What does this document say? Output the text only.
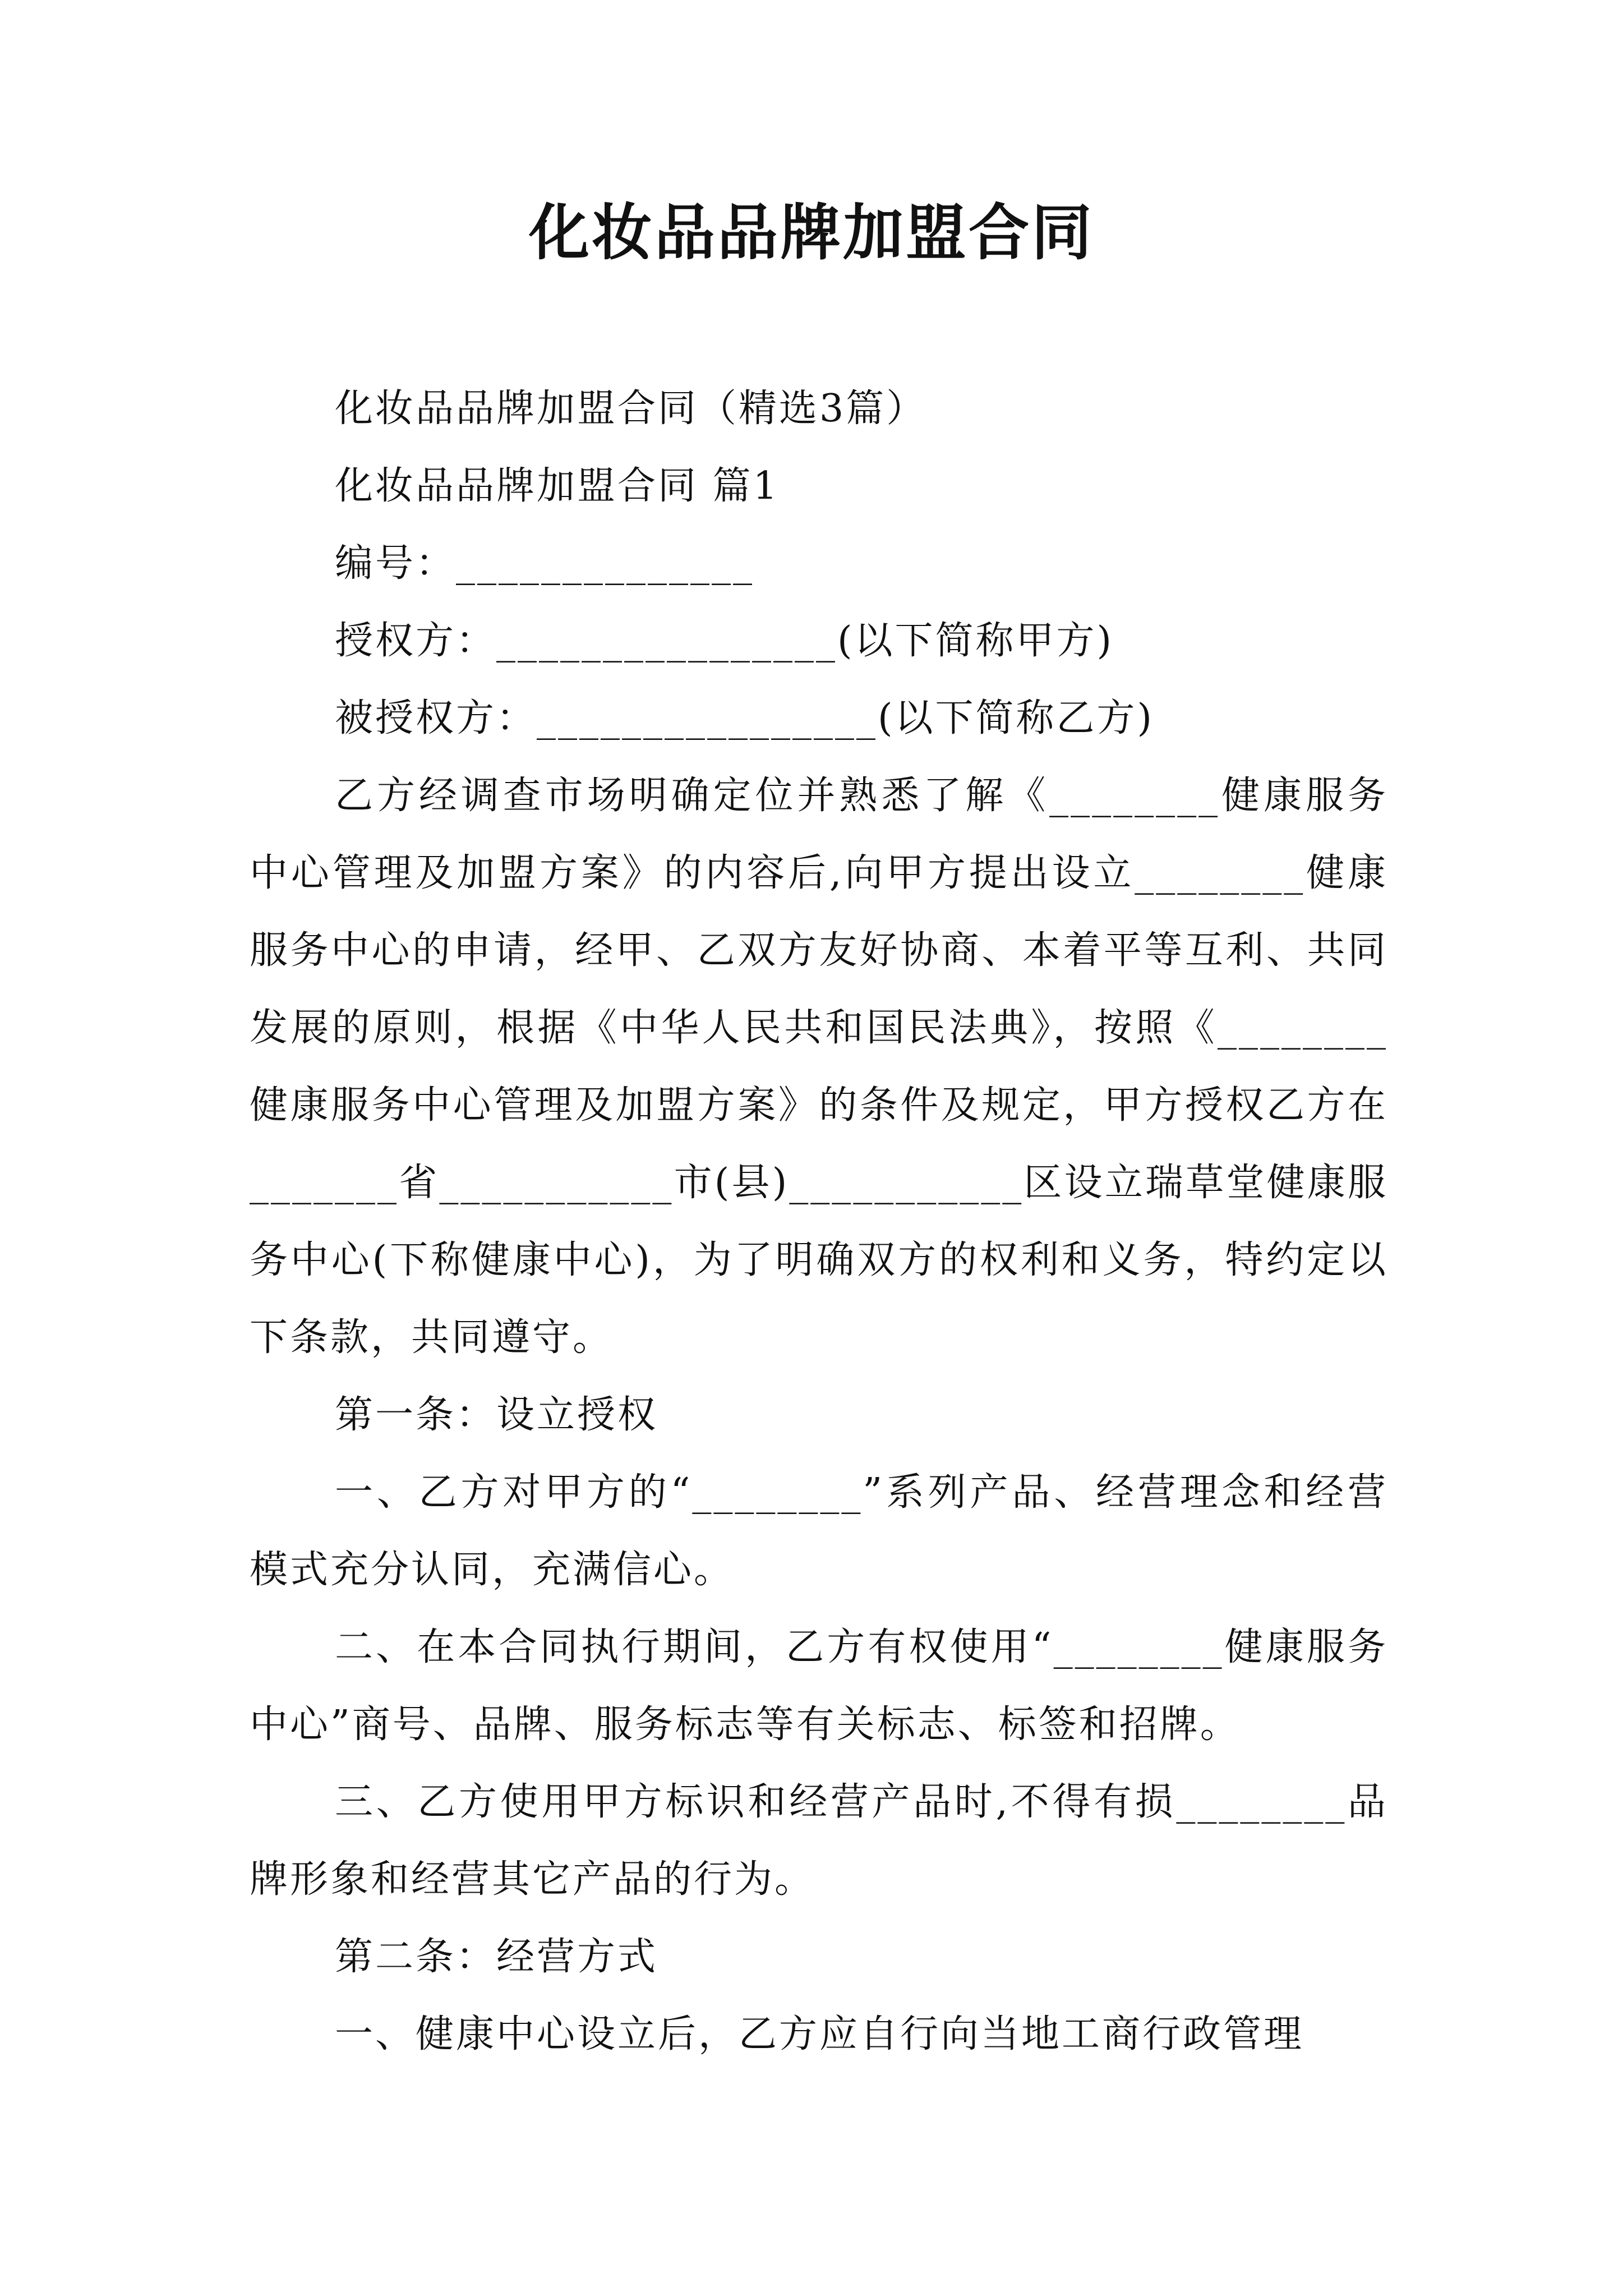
化妆品品牌加盟合同

化妆品品牌加盟合同（精选3篇）

化妆品品牌加盟合同 篇1

编号：______________

授权方：________________(以下简称甲方)

被授权方：________________(以下简称乙方)

乙方经调查市场明确定位并熟悉了解《________健康服务中心管理及加盟方案》的内容后,向甲方提出设立________健康服务中心的申请，经甲、乙双方友好协商、本着平等互利、共同发展的原则，根据《中华人民共和国民法典》，按照《________健康服务中心管理及加盟方案》的条件及规定，甲方授权乙方在_______省___________市(县)___________区设立瑞草堂健康服务中心(下称健康中心)，为了明确双方的权利和义务，特约定以下条款，共同遵守。

第一条：设立授权

一、乙方对甲方的“________”系列产品、经营理念和经营模式充分认同，充满信心。

二、在本合同执行期间，乙方有权使用“________健康服务中心”商号、品牌、服务标志等有关标志、标签和招牌。

三、乙方使用甲方标识和经营产品时,不得有损________品牌形象和经营其它产品的行为。

第二条：经营方式

一、健康中心设立后，乙方应自行向当地工商行政管理
